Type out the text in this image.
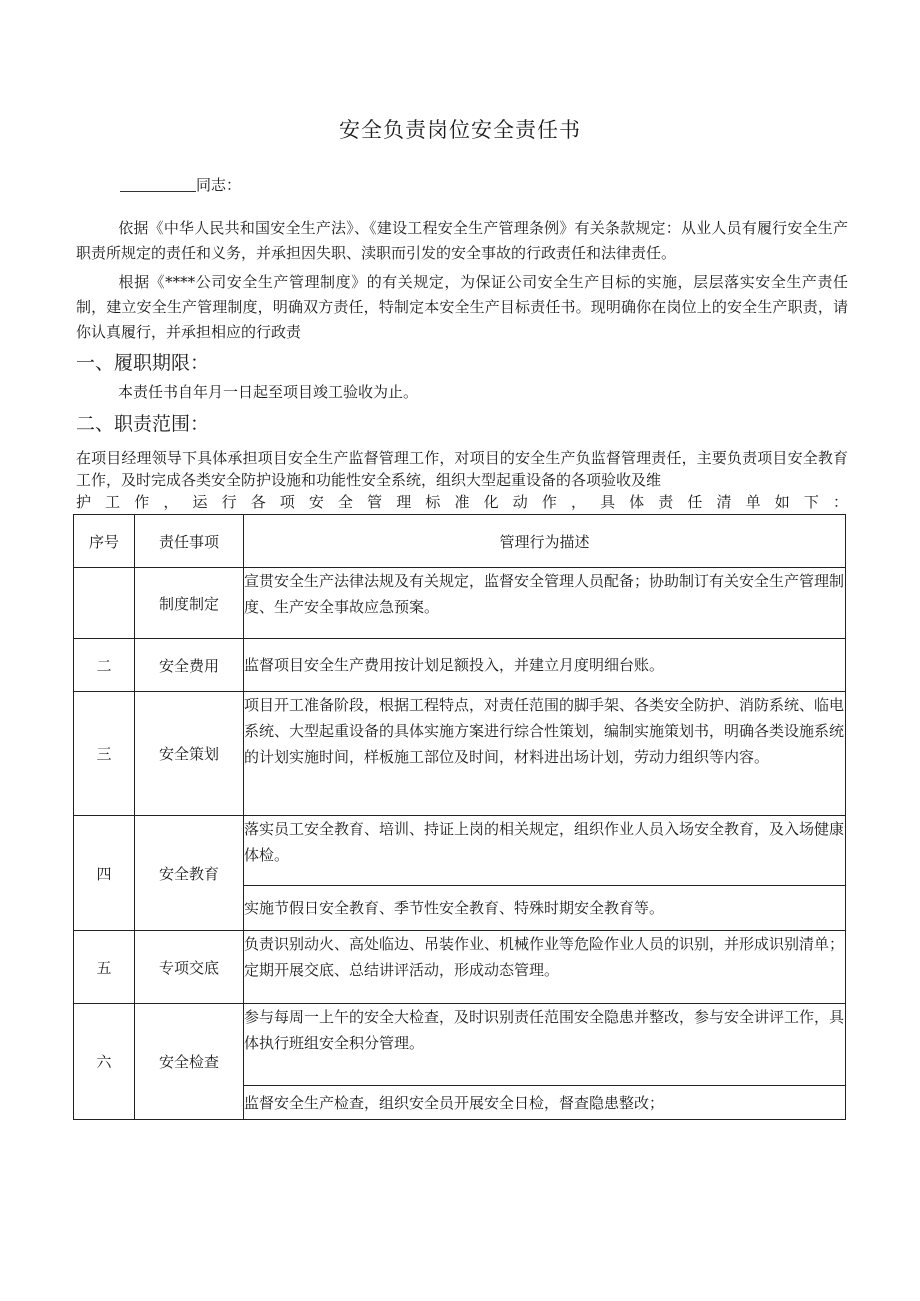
安全负责岗位安全责任书
同志：
依据《中华人民共和国安全生产法》、《建设工程安全生产管理条例》有关条款规定：从业人员有履行安全生产职责所规定的责任和义务，并承担因失职、渎职而引发的安全事故的行政责任和法律责任。
根据《****公司安全生产管理制度》的有关规定，为保证公司安全生产目标的实施，层层落实安全生产责任制，建立安全生产管理制度，明确双方责任，特制定本安全生产目标责任书。现明确你在岗位上的安全生产职责，请你认真履行，并承担相应的行政责
一、履职期限：
本责任书自年月一日起至项目竣工验收为止。
二、职责范围：
在项目经理领导下具体承担项目安全生产监督管理工作，对项目的安全生产负监督管理责任，主要负责项目安全教育工作，及时完成各类安全防护设施和功能性安全系统，组织大型起重设备的各项验收及维
护工作，运行各项安全管理标准化动作，具体责任清单如下：
序号	责任事项	管理行为描述
	制度制定	宣贯安全生产法律法规及有关规定，监督安全管理人员配备；协助制订有关安全生产管理制度、生产安全事故应急预案。
二	安全费用	监督项目安全生产费用按计划足额投入，并建立月度明细台账。
三	安全策划	项目开工准备阶段，根据工程特点，对责任范围的脚手架、各类安全防护、消防系统、临电系统、大型起重设备的具体实施方案进行综合性策划，编制实施策划书，明确各类设施系统的计划实施时间，样板施工部位及时间，材料进出场计划，劳动力组织等内容。
四	安全教育	落实员工安全教育、培训、持证上岗的相关规定，组织作业人员入场安全教育，及入场健康体检。
		实施节假日安全教育、季节性安全教育、特殊时期安全教育等。
五	专项交底	负责识别动火、高处临边、吊装作业、机械作业等危险作业人员的识别，并形成识别清单；定期开展交底、总结讲评活动，形成动态管理。
六	安全检查	参与每周一上午的安全大检查，及时识别责任范围安全隐患并整改，参与安全讲评工作，具体执行班组安全积分管理。
		监督安全生产检查，组织安全员开展安全日检，督查隐患整改；
